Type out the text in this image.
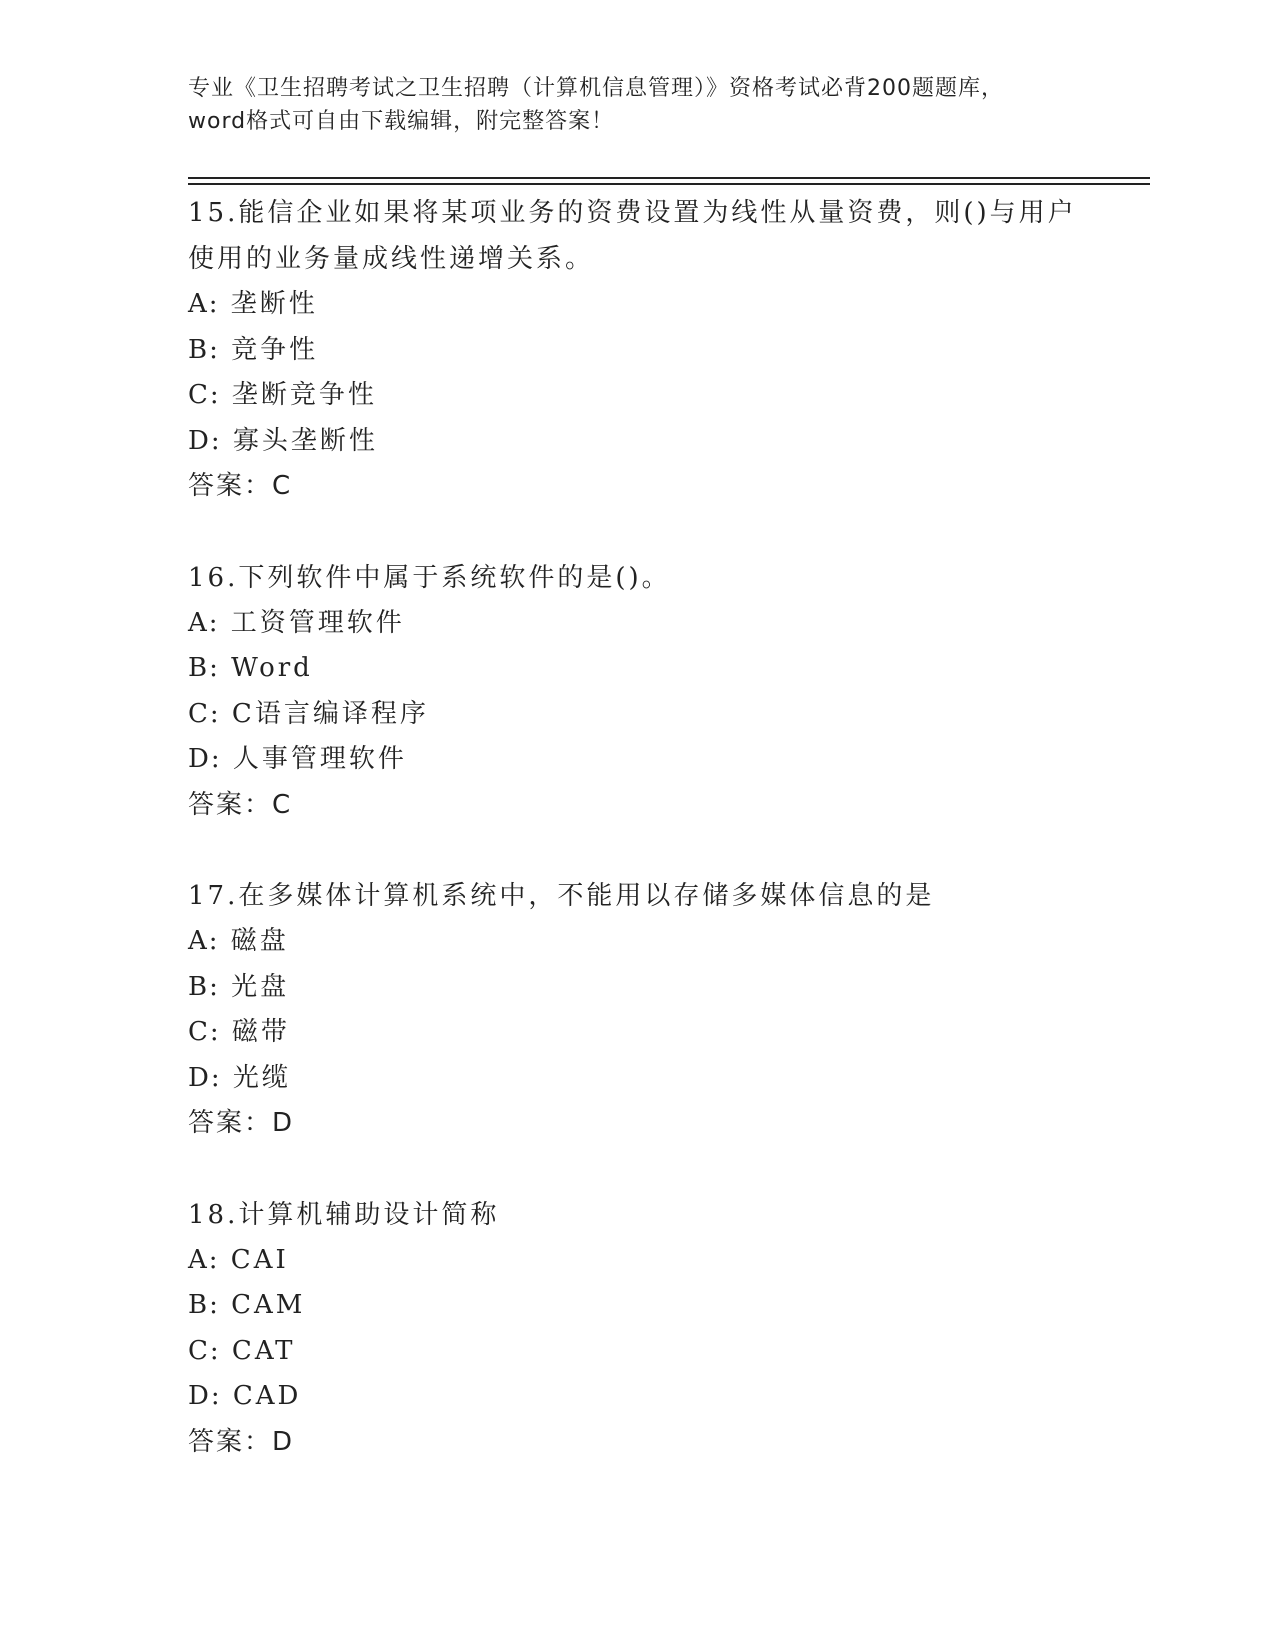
专业《卫生招聘考试之卫生招聘（计算机信息管理）》资格考试必背200题题库，
word格式可自由下载编辑，附完整答案！
15.能信企业如果将某项业务的资费设置为线性从量资费，则()与用户
使用的业务量成线性递增关系。
A: 垄断性
B: 竞争性
C: 垄断竞争性
D: 寡头垄断性
答案：C
16.下列软件中属于系统软件的是()。
A: 工资管理软件
B: Word
C: C语言编译程序
D: 人事管理软件
答案：C
17.在多媒体计算机系统中，不能用以存储多媒体信息的是
A: 磁盘
B: 光盘
C: 磁带
D: 光缆
答案：D
18.计算机辅助设计简称
A: CAI
B: CAM
C: CAT
D: CAD
答案：D
